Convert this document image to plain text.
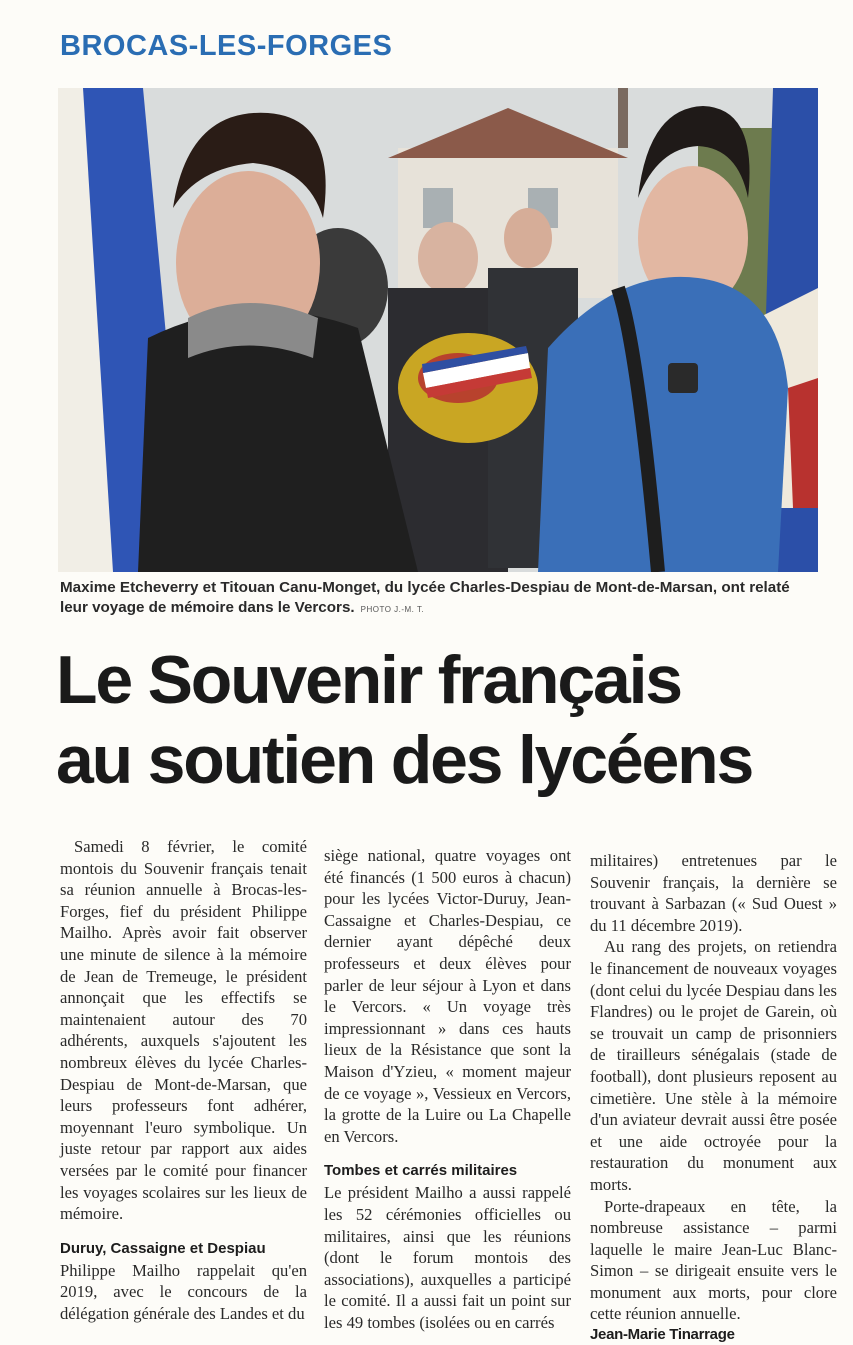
BROCAS-LES-FORGES
Maxime Etcheverry et Titouan Canu-Monget, du lycée Charles-Despiau de Mont-de-Marsan, ont relaté leur voyage de mémoire dans le Vercors. PHOTO J.-M. T.
Le Souvenir français
au soutien des lycéens

Samedi 8 février, le comité montois du Souvenir français tenait sa réunion annuelle à Brocas-les-Forges, fief du président Philippe Mailho. Après avoir fait observer une minute de silence à la mémoire de Jean de Tremeuge, le président annonçait que les effectifs se maintenaient autour des 70 adhérents, auxquels s'ajoutent les nombreux élèves du lycée Charles-Despiau de Mont-de-Marsan, que leurs professeurs font adhérer, moyennant l'euro symbolique. Un juste retour par rapport aux aides versées par le comité pour financer les voyages scolaires sur les lieux de mémoire.

Duruy, Cassaigne et Despiau

Philippe Mailho rappelait qu'en 2019, avec le concours de la délégation générale des Landes et du

siège national, quatre voyages ont été financés (1 500 euros à chacun) pour les lycées Victor-Duruy, Jean-Cassaigne et Charles-Despiau, ce dernier ayant dépêché deux professeurs et deux élèves pour parler de leur séjour à Lyon et dans le Vercors. « Un voyage très impressionnant » dans ces hauts lieux de la Résistance que sont la Maison d'Yzieu, « moment majeur de ce voyage », Vessieux en Vercors, la grotte de la Luire ou La Chapelle en Vercors.

Tombes et carrés militaires

Le président Mailho a aussi rappelé les 52 cérémonies officielles ou militaires, ainsi que les réunions (dont le forum montois des associations), auxquelles a participé le comité. Il a aussi fait un point sur les 49 tombes (isolées ou en carrés

militaires) entretenues par le Souvenir français, la dernière se trouvant à Sarbazan (« Sud Ouest » du 11 décembre 2019).

Au rang des projets, on retiendra le financement de nouveaux voyages (dont celui du lycée Despiau dans les Flandres) ou le projet de Garein, où se trouvait un camp de prisonniers de tirailleurs sénégalais (stade de football), dont plusieurs reposent au cimetière. Une stèle à la mémoire d'un aviateur devrait aussi être posée et une aide octroyée pour la restauration du monument aux morts.

Porte-drapeaux en tête, la nombreuse assistance – parmi laquelle le maire Jean-Luc Blanc-Simon – se dirigeait ensuite vers le monument aux morts, pour clore cette réunion annuelle.

Jean-Marie Tinarrage
